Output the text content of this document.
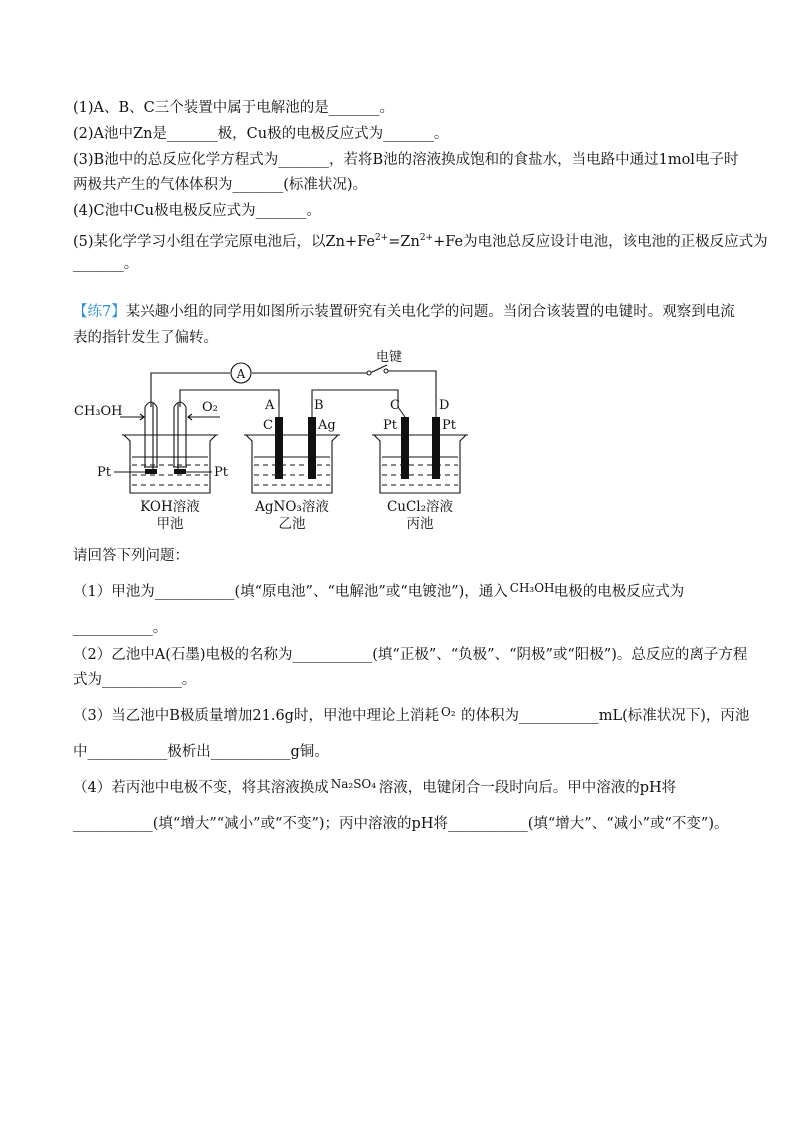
(1)A、B、C三个装置中属于电解池的是_______。
(2)A池中Zn是_______极，Cu极的电极反应式为_______。
(3)B池中的总反应化学方程式为_______，若将B池的溶液换成饱和的食盐水，当电路中通过1mol电子时
两极共产生的气体体积为_______(标准状况)。
(4)C池中Cu极电极反应式为_______。
(5)某化学学习小组在学完原电池后，以$Zn+Fe^{2+}=Zn^{2+}+Fe$为电池总反应设计电池，该电池的正极反应式为
_______。
【练7】某兴趣小组的同学用如图所示装置研究有关电化学的问题。当闭合该装置的电键时。观察到电流
表的指针发生了偏转。
A
电键
CH₃OH	O₂
Pt	Pt
A	B
C	Ag
C	D
Pt	Pt
KOH溶液	AgNO₃溶液	CuCl₂溶液
甲池	乙池	丙池
请回答下列问题：
（1）甲池为___________(填“原电池”、“电解池”或“电镀池”)，通入 CH₃OH 电极的电极反应式为
___________。
（2）乙池中A(石墨)电极的名称为___________(填“正极”、“负极”、“阴极”或“阳极”)。总反应的离子方程
式为___________。
（3）当乙池中B极质量增加21.6g时，甲池中理论上消耗 O₂ 的体积为___________mL(标准状况下)，丙池
中___________极析出___________g铜。
（4）若丙池中电极不变，将其溶液换成 Na₂SO₄ 溶液，电键闭合一段时向后。甲中溶液的pH将
___________(填“增大”“减小”或“不变”)；丙中溶液的pH将___________(填“增大”、“减小”或“不变”)。
